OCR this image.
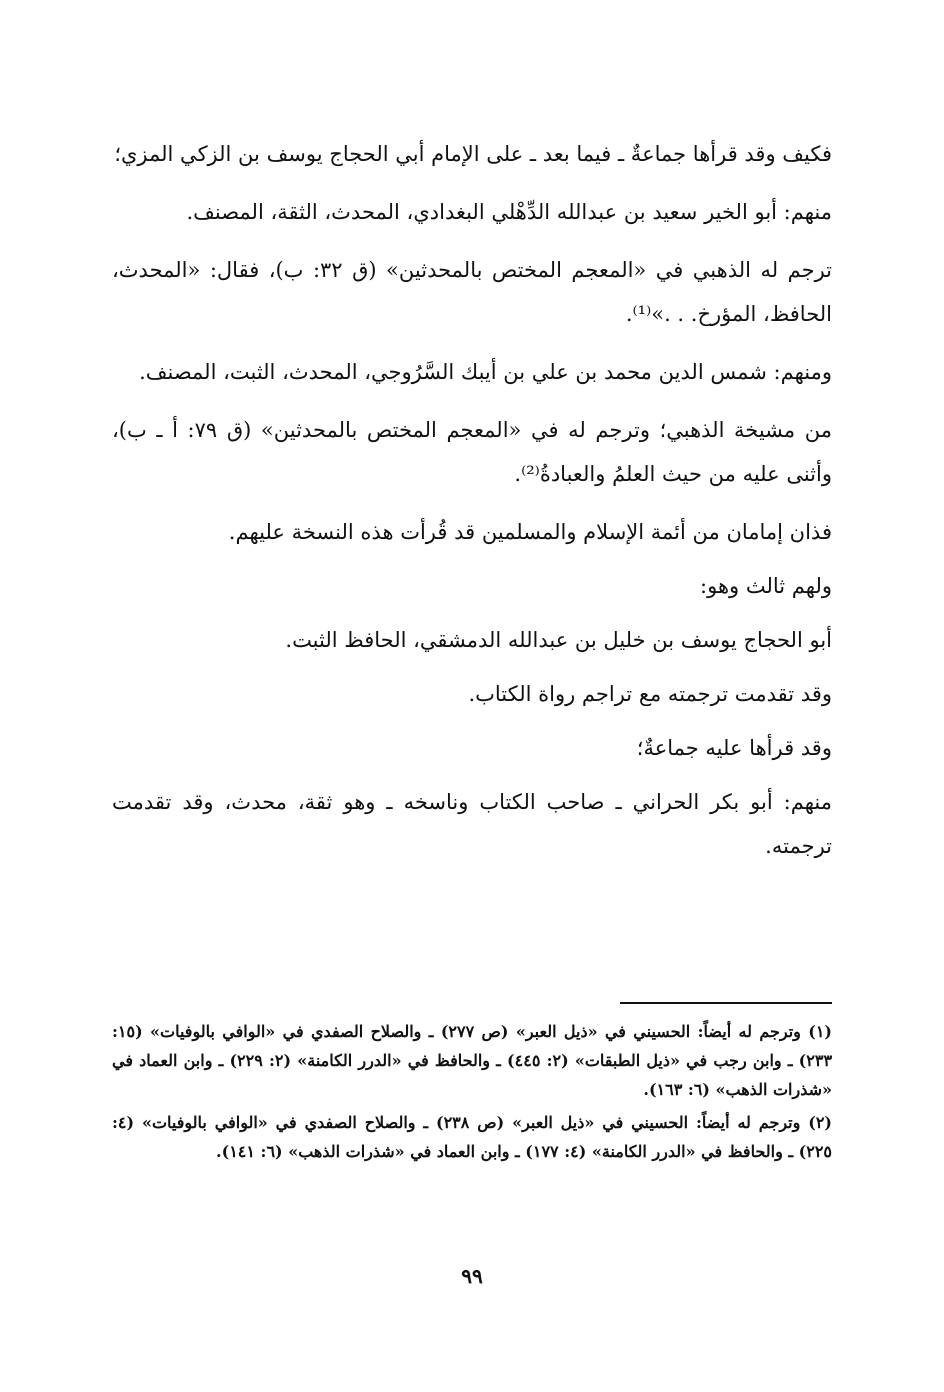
فكيف وقد قرأها جماعةٌ ـ فيما بعد ـ على الإمام أبي الحجاج يوسف بن الزكي المزي؛

منهم: أبو الخير سعيد بن عبدالله الدِّهْلي البغدادي، المحدث، الثقة، المصنف.

ترجم له الذهبي في «المعجم المختص بالمحدثين» (ق ٣٢: ب)، فقال: «المحدث، الحافظ، المؤرخ. . .»⁽¹⁾.

ومنهم: شمس الدين محمد بن علي بن أيبك السَّرُوجي، المحدث، الثبت، المصنف.

من مشيخة الذهبي؛ وترجم له في «المعجم المختص بالمحدثين» (ق ٧٩: أ ـ ب)، وأثنى عليه من حيث العلمُ والعبادةُ⁽²⁾.

فذان إمامان من أئمة الإسلام والمسلمين قد قُرأت هذه النسخة عليهم.

ولهم ثالث وهو:

أبو الحجاج يوسف بن خليل بن عبدالله الدمشقي، الحافظ الثبت.

وقد تقدمت ترجمته مع تراجم رواة الكتاب.

وقد قرأها عليه جماعةٌ؛

منهم: أبو بكر الحراني ـ صاحب الكتاب وناسخه ـ وهو ثقة، محدث، وقد تقدمت ترجمته.

(١) وترجم له أيضاً: الحسيني في «ذيل العبر» (ص ٢٧٧) ـ والصلاح الصفدي في «الوافي بالوفيات» (١٥: ٢٣٣) ـ وابن رجب في «ذيل الطبقات» (٢: ٤٤٥) ـ والحافظ في «الدرر الكامنة» (٢: ٢٢٩) ـ وابن العماد في «شذرات الذهب» (٦: ١٦٣).

(٢) وترجم له أيضاً: الحسيني في «ذيل العبر» (ص ٢٣٨) ـ والصلاح الصفدي في «الوافي بالوفيات» (٤: ٢٢٥) ـ والحافظ في «الدرر الكامنة» (٤: ١٧٧) ـ وابن العماد في «شذرات الذهب» (٦: ١٤١).

٩٩
